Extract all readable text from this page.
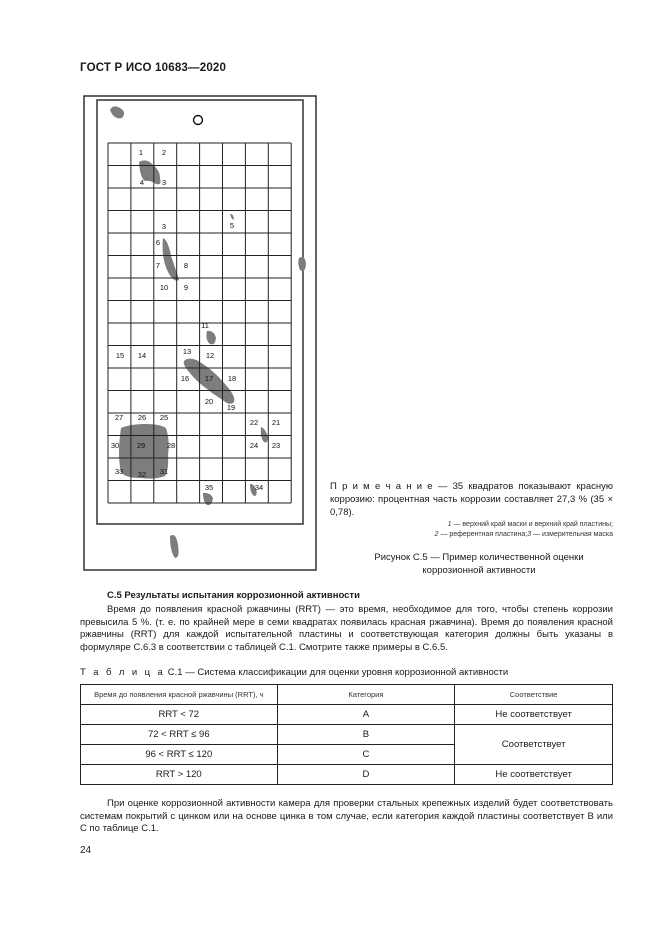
ГОСТ Р ИСО 10683—2020
1	2
4 3
3	5
6
7	8
10 9
11
15 14	13 12
16 17 18
20
19
27 26 25
22 21
30 29	28	24 23
33 32 31
35	34	П р и м е ч а н и е — 35 квадратов показывают красную коррозию: процентная часть коррозии составляет 27,3 % (35 × 0,78).
1 — верхний край маски и верхний край пластины;
2 — референтная пластина;3 — измерительная маска
Рисунок С.5 — Пример количественной оценки
коррозионной активности
С.5 Результаты испытания коррозионной активности

Время до появления красной ржавчины (RRT) — это время, необходимое для того, чтобы степень коррозии превысила 5 %. (т. е. по крайней мере в семи квадратах появилась красная ржавчина). Время до появления красной ржавчины (RRT) для каждой испытательной пластины и соответствующая категория должны быть указаны в формуляре С.6.3 в соответствии с таблицей С.1. Смотрите также примеры в С.6.5.

Т а б л и ц а С.1 — Система классификации для оценки уровня коррозионной активности
Время до появления красной ржавчины (RRT), ч	Категория	Соответствие
RRT < 72	A	Не соответствует
72 < RRT ≤ 96	B	Соответствует
96 < RRT ≤ 120	C	
RRT > 120	D	Не соответствует

При оценке коррозионной активности камера для проверки стальных крепежных изделий будет соответствовать системам покрытий с цинком или на основе цинка в том случае, если категория каждой пластины соответствует В или С по таблице С.1.

24
